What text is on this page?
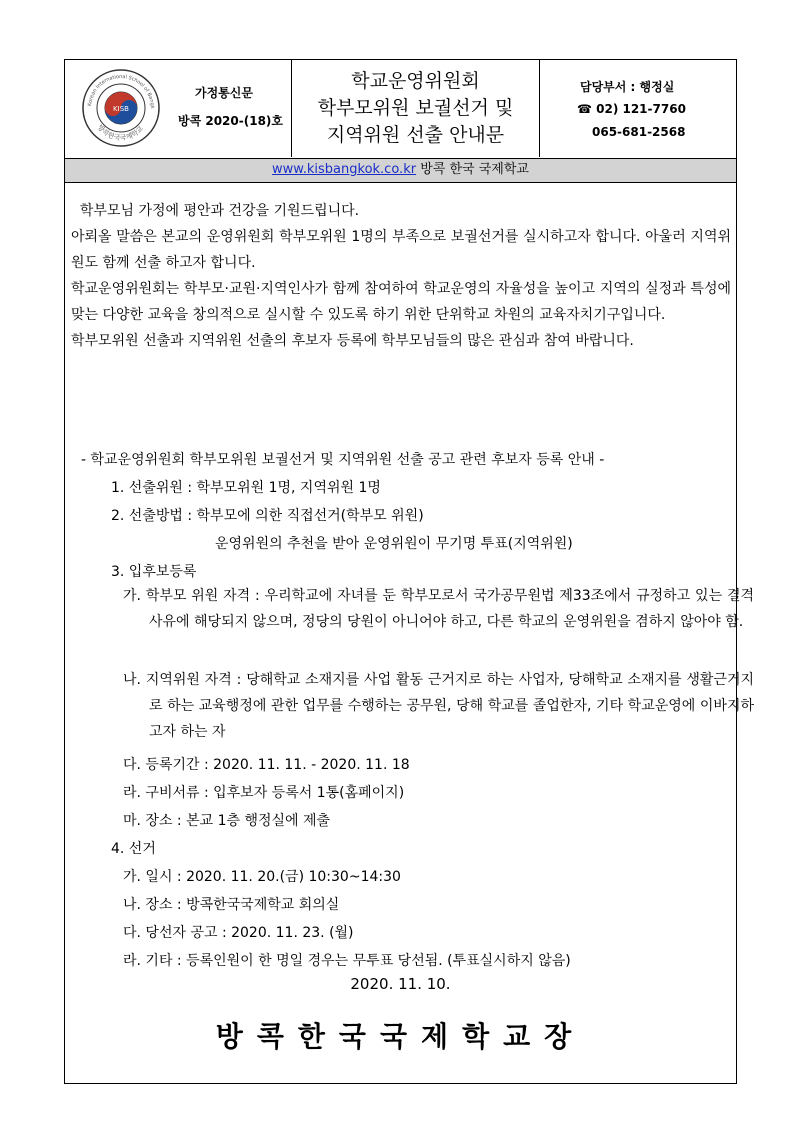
KISB
Korean International School of Bangk
방콕한국국제학교
가정통신문
방콕 2020-(18)호
학교운영위원회
학부모위원 보궐선거 및
지역위원 선출 안내문
담당부서 : 행정실
☎ 02) 121-7760
065-681-2568
www.kisbangkok.co.kr 방콕 한국 국제학교

학부모님 가정에 평안과 건강을 기원드립니다.

아뢰올 말씀은 본교의 운영위원회 학부모위원 1명의 부족으로 보궐선거를 실시하고자 합니다. 아울러 지역위원도 함께 선출 하고자 합니다.

학교운영위원회는 학부모·교원·지역인사가 함께 참여하여 학교운영의 자율성을 높이고 지역의 실정과 특성에 맞는 다양한 교육을 창의적으로 실시할 수 있도록 하기 위한 단위학교 차원의 교육자치기구입니다.

학부모위원 선출과 지역위원 선출의 후보자 등록에 학부모님들의 많은 관심과 참여 바랍니다.

- 학교운영위원회 학부모위원 보궐선거 및 지역위원 선출 공고 관련 후보자 등록 안내 -
1. 선출위원 : 학부모위원 1명, 지역위원 1명
2. 선출방법 : 학부모에 의한 직접선거(학부모 위원)
운영위원의 추천을 받아 운영위원이 무기명 투표(지역위원)
3. 입후보등록
가. 학부모 위원 자격 : 우리학교에 자녀를 둔 학부모로서 국가공무원법 제33조에서 규정하고 있는 결격사유에 해당되지 않으며, 정당의 당원이 아니어야 하고, 다른 학교의 운영위원을 겸하지 않아야 함.
나. 지역위원 자격 : 당해학교 소재지를 사업 활동 근거지로 하는 사업자, 당해학교 소재지를 생활근거지로 하는 교육행정에 관한 업무를 수행하는 공무원, 당해 학교를 졸업한자, 기타 학교운영에 이바지하고자 하는 자
다. 등록기간 : 2020. 11. 11. - 2020. 11. 18
라. 구비서류 : 입후보자 등록서 1통(홈페이지)
마. 장소 : 본교 1층 행정실에 제출
4. 선거
가. 일시 : 2020. 11. 20.(금) 10:30~14:30
나. 장소 : 방콕한국국제학교 회의실
다. 당선자 공고 : 2020. 11. 23. (월)
라. 기타 : 등록인원이 한 명일 경우는 무투표 당선됨. (투표실시하지 않음)
2020. 11. 10.
방콕한국국제학교장
